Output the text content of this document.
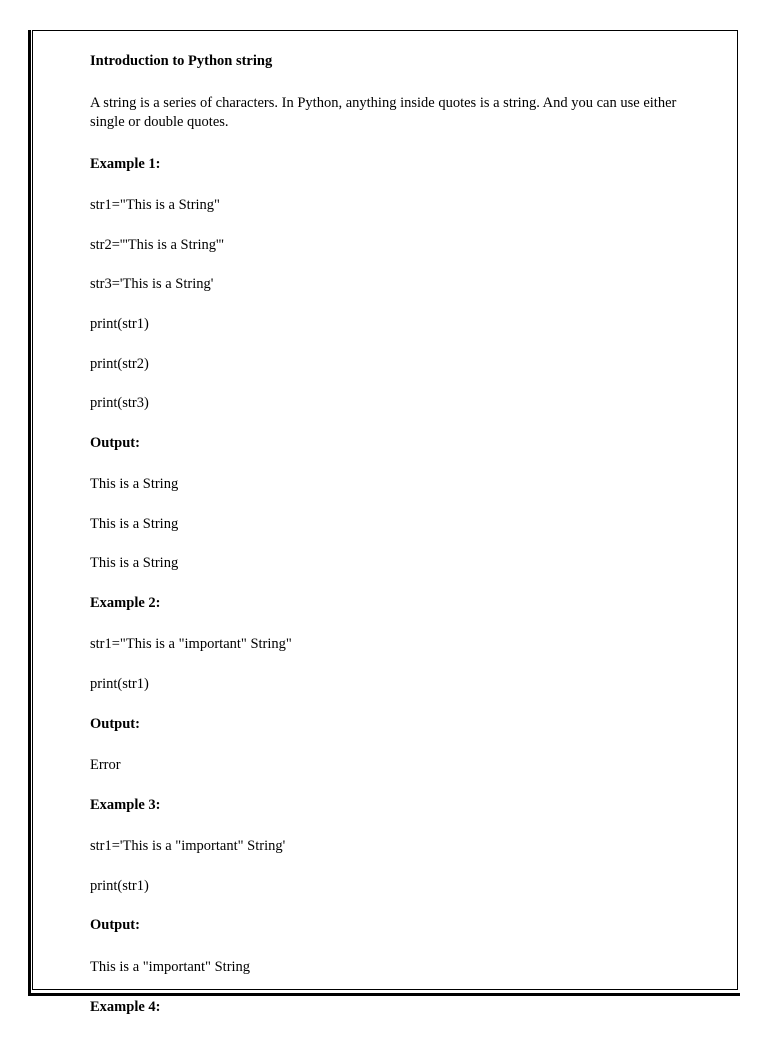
Introduction to Python string

A string is a series of characters. In Python, anything inside quotes is a string. And you can use either single or double quotes.

Example 1:

str1="This is a String"

str2='''This is a String'''

str3='This is a String'

print(str1)

print(str2)

print(str3)

Output:

This is a String

This is a String

This is a String

Example 2:

str1="This is a "important" String"

print(str1)

Output:

Error

Example 3:

str1='This is a "important" String'

print(str1)

Output:

This is a "important" String

Example 4:
